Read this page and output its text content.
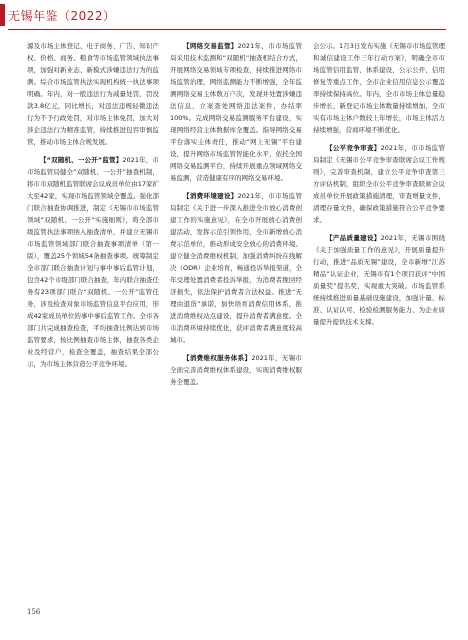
无锡年鉴（2022）

源及市场主体登记、电子商务、广告、知识产权、价格、商务、粮食等市场监管领域执法事项，加强对新业态、新模式涉嫌违法行为的监测。综合市场监管执法实现机构统一执法事项明确。年内，对一般违法行为减量处罚，罚没款3.8亿元，同比增长，对违法违规轻微违法行为不予行政处罚，对市场主体免罚，加大对涉企违法行为精准监管，持续推进包容审慎监管，推动市场主体合规发展。

【“双随机、一公开”监管】2021年，市市场监管局健全“双随机、一公开”抽查机制，将市市双随机监管联席会议成员单位由17家扩大至42家，实现市场监管领域全覆盖。强化部门联合抽查协调推进，制定《无锡市市场监管领域“双随机、一公开”实施细则》，将全部市级监管执法事项纳入抽查清单，并建立无锡市市场监管领域部门联合抽查事项清单（第一版），覆盖25个领域54条抽查事项。统筹制定全市部门联合抽查计划与事中事后监管计划，包含42个市级部门联合抽查，年内联合抽查任务有23项部门联合“双随机、一公开”监管任务，涉及检查对象市场监管信息平台应用，形成42家成员单位的事中事后监管工作。全市各部门共完成抽查检查，平均抽查比例达到市场监管要求，按比例抽查市场主体，抽查各类企业及经营户，检查全覆盖，抽查结果全部公示，为市场主体营造公平竞争环境。

【网络交易监管】2021年，市市场监管局采用技术监测和“双随机”抽查相结合方式，开展网络交易领域专项检查，持续推进网络市场监管治理，网络监测能力不断增强，全年监测网络交易主体数万户次，发现并处置涉嫌违法信息，立案查处网络违法案件，办结率100%。完成网络交易监测服务平台建设，实现网络经营主体数据库全覆盖。指导网络交易平台落实主体责任，推动“网上无锡”平台建设，提升网络市场监管智能化水平，依托全国网络交易监测平台，持续开展重点领域网络交易监测，营造健康有序的网络交易环境。

【消费环境建设】2021年，市市场监管局制定《关于进一步深入推进全市放心消费创建工作的实施意见》，在全市开展放心消费创建活动，发挥示范引领作用，全市新增放心消费示范单位，推动形成安全放心的消费环境。建立健全消费维权机制，加强消费纠纷在线解决（ODR）企业培育，畅通投诉举报渠道，全年受理处置消费者投诉举报，为消费者挽回经济损失，依法保护消费者合法权益。推进“无理由退货”承诺，加快培育消费信用体系，推进消费维权站点建设，提升消费者满意度。全市消费环境持续优化，获评消费者满意度较高城市。

【消费维权服务体系】2021年，无锡市全面完善消费维权体系建设，实现消费维权服务全覆盖。

会公示。1月3日发布实施《无锡市市场监管理和诚信建设工作三年行动方案》，明确全市市场监管信用监管、体系建设、公示公开、信用修复等重点工作，全市企业信用信息公示覆盖率持续保持高位。年内，全市市场主体总量稳步增长，新登记市场主体数量持续增加，全市实有市场主体户数较上年增长，市场主体活力持续增强，营商环境不断优化。

【公平竞争审查】2021年，市市场监管局制定《无锡市公平竞争审查联席会议工作规则》，完善审查机制，建立公平竞争审查第三方评估机制，组织全市公平竞争审查联席会议成员单位开展政策措施清理，审查增量文件，清理存量文件，确保政策措施符合公平竞争要求。

【产品质量建设】2021年，无锡市围绕《关于加强质量工作的意见》，开展质量提升行动，推进“品质无锡”建设，全市新增“江苏精品”认证企业，无锡市有1个项目获评“中国质量奖”提名奖，实现重大突破。市场监管系统持续推进质量基础设施建设，加强计量、标准、认证认可、检验检测服务能力，为企业质量提升提供技术支撑。

156
